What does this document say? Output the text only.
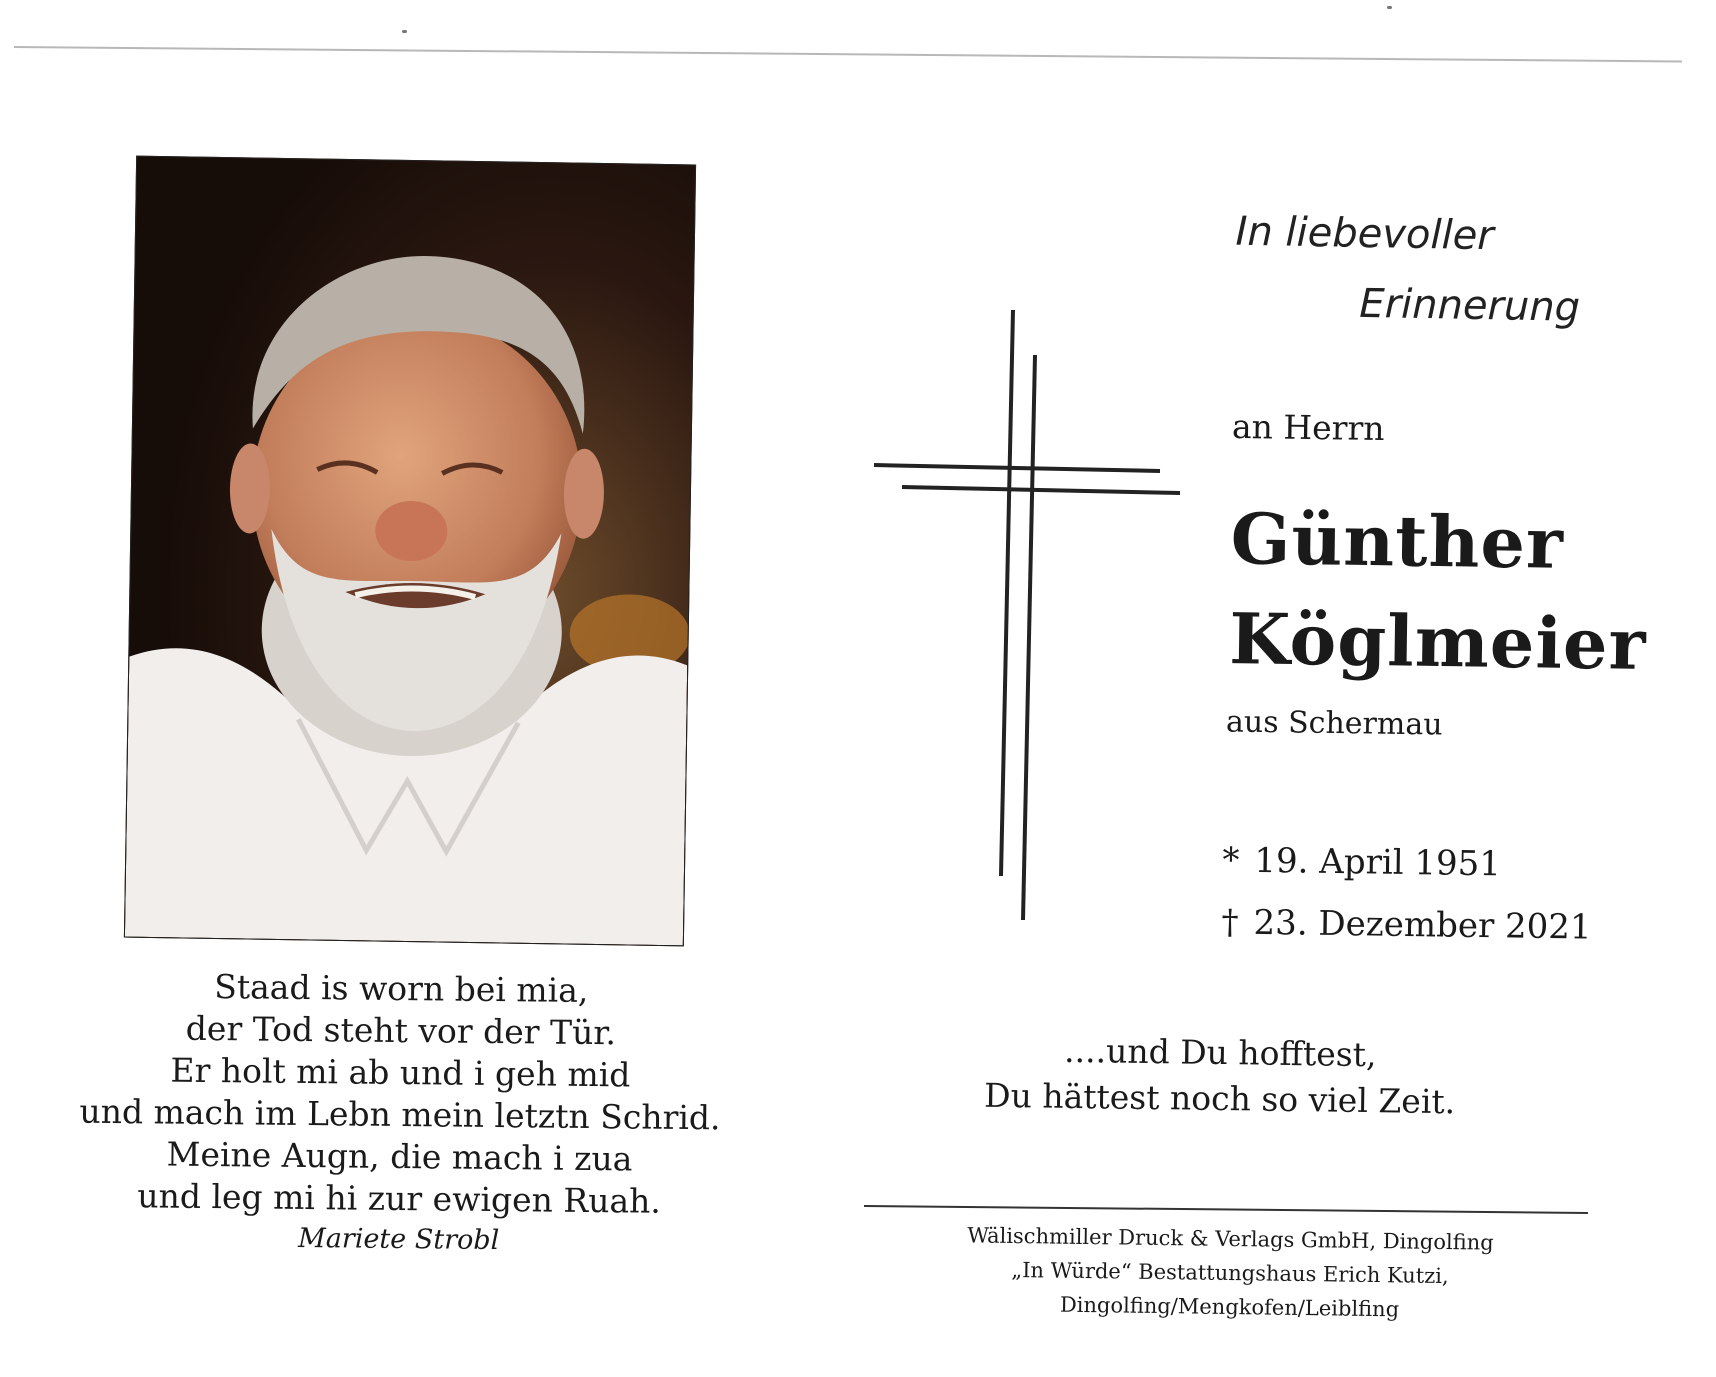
Staad is worn bei mia,
der Tod steht vor der Tür.
Er holt mi ab und i geh mid
und mach im Lebn mein letztn Schrid.
Meine Augn, die mach i zua
und leg mi hi zur ewigen Ruah.
Mariete Strobl
In liebevoller
Erinnerung
an Herrn
Günther
Köglmeier
aus Schermau
* 19. April 1951
† 23. Dezember 2021
....und Du hofftest,
Du hättest noch so viel Zeit.
Wälischmiller Druck & Verlags GmbH, Dingolfing
„In Würde“ Bestattungshaus Erich Kutzi, Dingolfing/Mengkofen/Leiblfing
